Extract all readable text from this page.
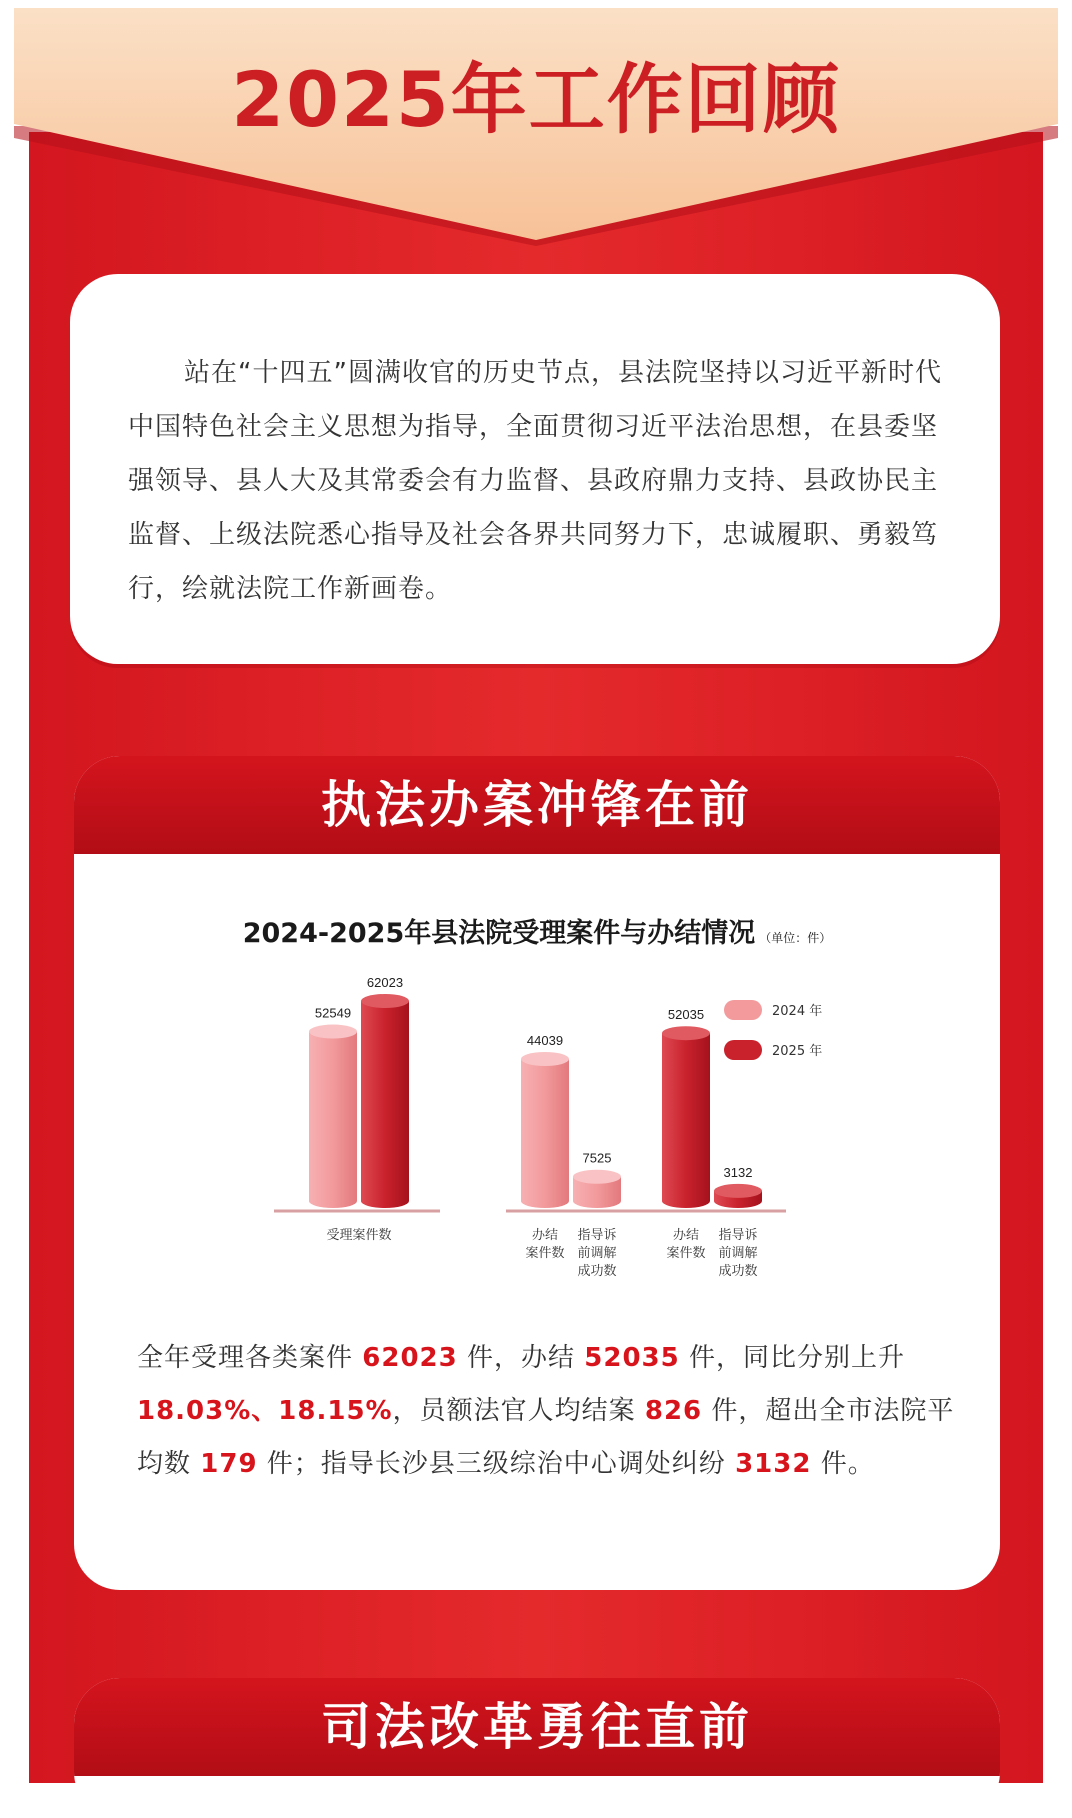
2025年工作回顾

站在“十四五”圆满收官的历史节点，县法院坚持以习近平新时代中国特色社会主义思想为指导，全面贯彻习近平法治思想，在县委坚强领导、县人大及其常委会有力监督、县政府鼎力支持、县政协民主监督、上级法院悉心指导及社会各界共同努力下，忠诚履职、勇毅笃行，绘就法院工作新画卷。

执法办案冲锋在前
2024-2025年县法院受理案件与办结情况 （单位：件）
52549
62023
44039
7525
52035
3132
受理案件数	办结
案件数
指导诉
前调解
成功数
办结
案件数
指导诉
前调解
成功数
2024 年
2025 年

全年受理各类案件 62023 件，办结 52035 件，同比分别上升 18.03%、18.15%，员额法官人均结案 826 件，超出全市法院平均数 179 件；指导长沙县三级综治中心调处纠纷 3132 件。

司法改革勇往直前
